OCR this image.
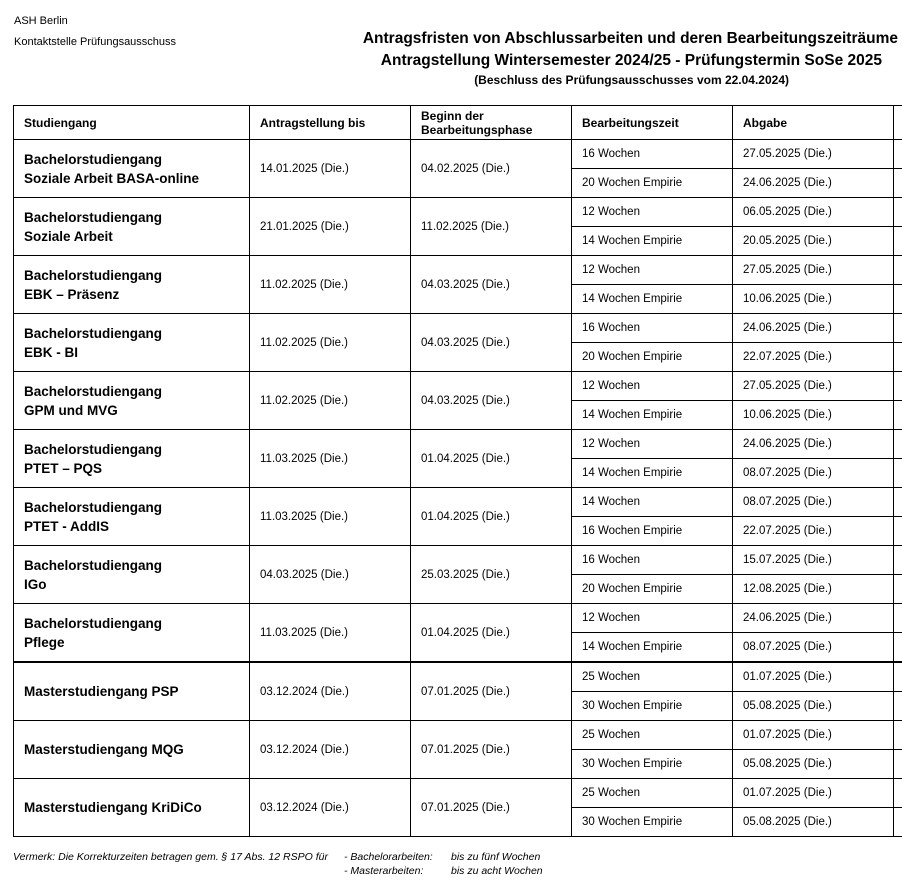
ASH Berlin
Kontaktstelle Prüfungsausschuss	Antragsfristen von Abschlussarbeiten und deren Bearbeitungszeiträume
Antragstellung Wintersemester 2024/25 - Prüfungstermin SoSe 2025
(Beschluss des Prüfungsausschusses vom 22.04.2024)
Studiengang	Antragstellung bis	Beginn der Bearbeitungsphase	Bearbeitungszeit	Abgabe	
Bachelorstudiengang
Soziale Arbeit BASA-online	14.01.2025 (Die.)	04.02.2025 (Die.)	16 Wochen	27.05.2025 (Die.)	
			20 Wochen Empirie	24.06.2025 (Die.)	
Bachelorstudiengang
Soziale Arbeit	21.01.2025 (Die.)	11.02.2025 (Die.)	12 Wochen	06.05.2025 (Die.)	
			14 Wochen Empirie	20.05.2025 (Die.)	
Bachelorstudiengang
EBK – Präsenz	11.02.2025 (Die.)	04.03.2025 (Die.)	12 Wochen	27.05.2025 (Die.)	
			14 Wochen Empirie	10.06.2025 (Die.)	
Bachelorstudiengang
EBK - BI	11.02.2025 (Die.)	04.03.2025 (Die.)	16 Wochen	24.06.2025 (Die.)	
			20 Wochen Empirie	22.07.2025 (Die.)	
Bachelorstudiengang
GPM und MVG	11.02.2025 (Die.)	04.03.2025 (Die.)	12 Wochen	27.05.2025 (Die.)	
			14 Wochen Empirie	10.06.2025 (Die.)	
Bachelorstudiengang
PTET – PQS	11.03.2025 (Die.)	01.04.2025 (Die.)	12 Wochen	24.06.2025 (Die.)	
			14 Wochen Empirie	08.07.2025 (Die.)	
Bachelorstudiengang
PTET - AddIS	11.03.2025 (Die.)	01.04.2025 (Die.)	14 Wochen	08.07.2025 (Die.)	
			16 Wochen Empirie	22.07.2025 (Die.)	
Bachelorstudiengang
IGo	04.03.2025 (Die.)	25.03.2025 (Die.)	16 Wochen	15.07.2025 (Die.)	
			20 Wochen Empirie	12.08.2025 (Die.)	
Bachelorstudiengang
Pflege	11.03.2025 (Die.)	01.04.2025 (Die.)	12 Wochen	24.06.2025 (Die.)	
			14 Wochen Empirie	08.07.2025 (Die.)	
Masterstudiengang PSP	03.12.2024 (Die.)	07.01.2025 (Die.)	25 Wochen	01.07.2025 (Die.)	
			30 Wochen Empirie	05.08.2025 (Die.)	
Masterstudiengang MQG	03.12.2024 (Die.)	07.01.2025 (Die.)	25 Wochen	01.07.2025 (Die.)	
			30 Wochen Empirie	05.08.2025 (Die.)	
Masterstudiengang KriDiCo	03.12.2024 (Die.)	07.01.2025 (Die.)	25 Wochen	01.07.2025 (Die.)	
			30 Wochen Empirie	05.08.2025 (Die.)	
Vermerk: Die Korrekturzeiten betragen gem. § 17 Abs. 12 RSPO für - Bachelorarbeiten: bis zu fünf Wochen
- Masterarbeiten:	bis zu acht Wochen
